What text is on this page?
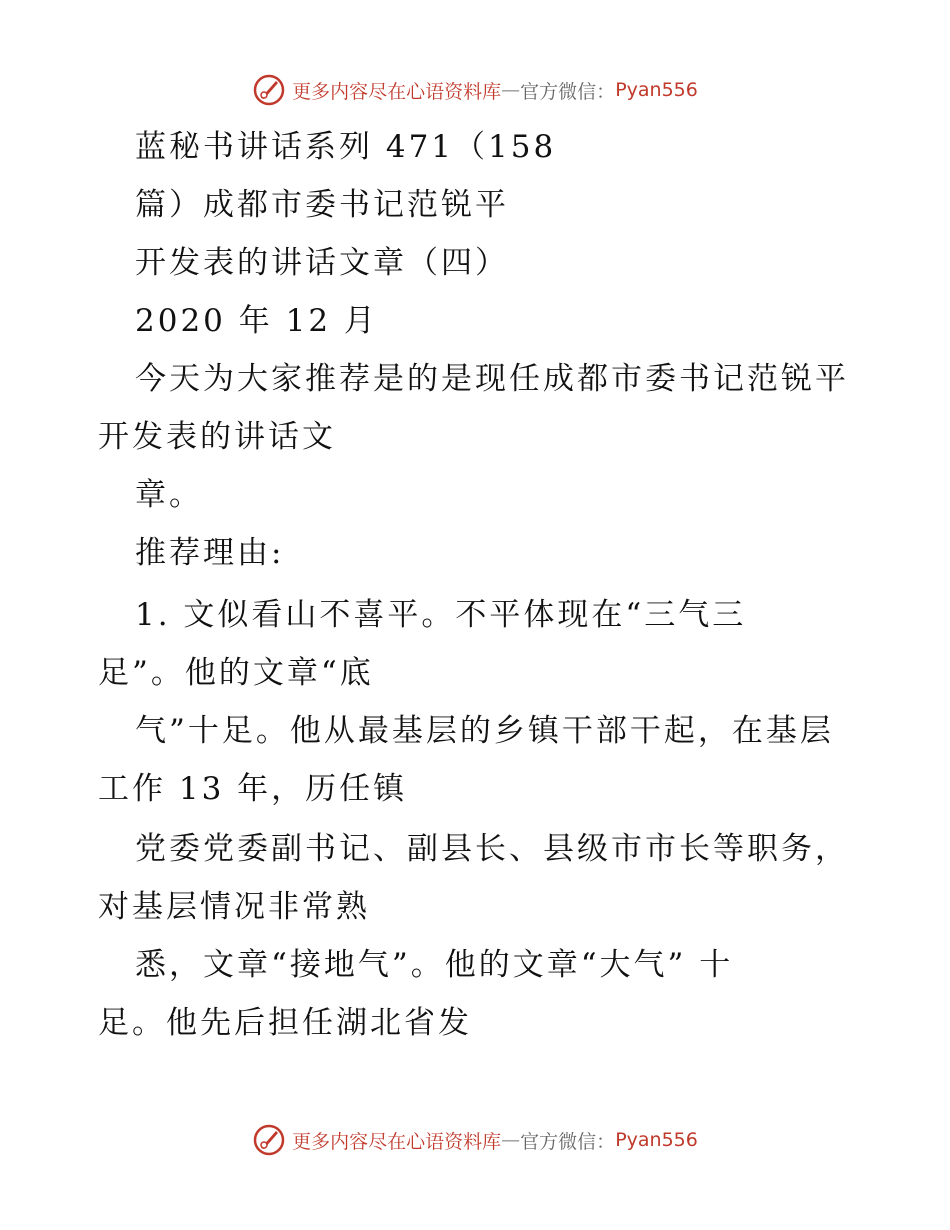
更多内容尽在心语资料库 — 官方微信： Pyan556
蓝秘书讲话系列 471（158
篇）成都市委书记范锐平
开发表的讲话文章（四）
2020 年 12 月
今天为大家推荐是的是现任成都市委书记范锐平
开发表的讲话文
章。
推荐理由:
1. 文似看山不喜平。不平体现在“三气三
足”。他的文章“底
气”十足。他从最基层的乡镇干部干起，在基层
工作 13 年，历任镇
党委党委副书记、副县长、县级市市长等职务，
对基层情况非常熟
悉，文章“接地气”。他的文章“大气” 十
足。他先后担任湖北省发
更多内容尽在心语资料库 — 官方微信： Pyan556
